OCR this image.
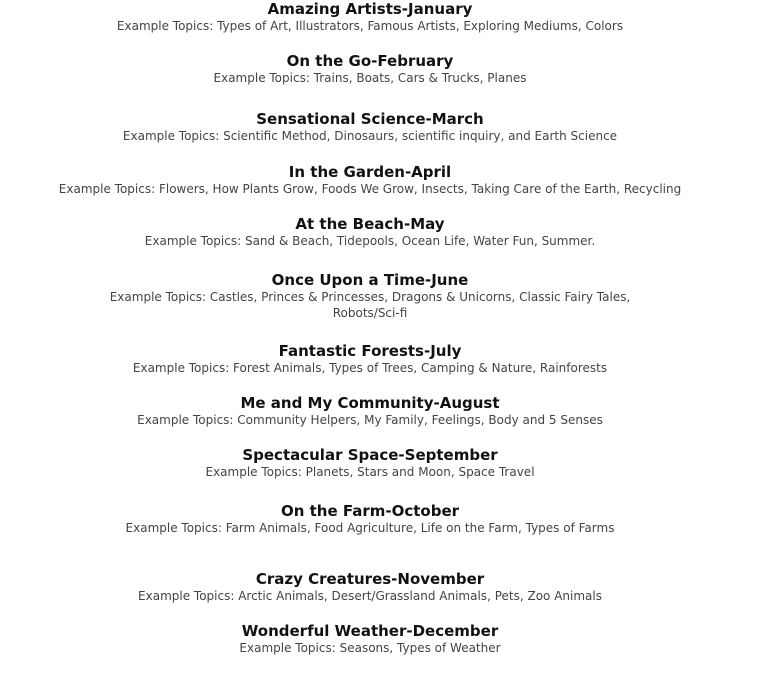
Amazing Artists-January
Example Topics: Types of Art, Illustrators, Famous Artists, Exploring Mediums, Colors
On the Go-February
Example Topics: Trains, Boats, Cars & Trucks, Planes
Sensational Science-March
Example Topics: Scientific Method, Dinosaurs, scientific inquiry, and Earth Science
In the Garden-April
Example Topics: Flowers, How Plants Grow, Foods We Grow, Insects, Taking Care of the Earth, Recycling
At the Beach-May
Example Topics: Sand & Beach, Tidepools, Ocean Life, Water Fun, Summer.
Once Upon a Time-June
Example Topics: Castles, Princes & Princesses, Dragons & Unicorns, Classic Fairy Tales, Robots/Sci-fi
Fantastic Forests-July
Example Topics: Forest Animals, Types of Trees, Camping & Nature, Rainforests
Me and My Community-August
Example Topics: Community Helpers, My Family, Feelings, Body and 5 Senses
Spectacular Space-September
Example Topics: Planets, Stars and Moon, Space Travel
On the Farm-October
Example Topics: Farm Animals, Food Agriculture, Life on the Farm, Types of Farms
Crazy Creatures-November
Example Topics: Arctic Animals, Desert/Grassland Animals, Pets, Zoo Animals
Wonderful Weather-December
Example Topics: Seasons, Types of Weather
